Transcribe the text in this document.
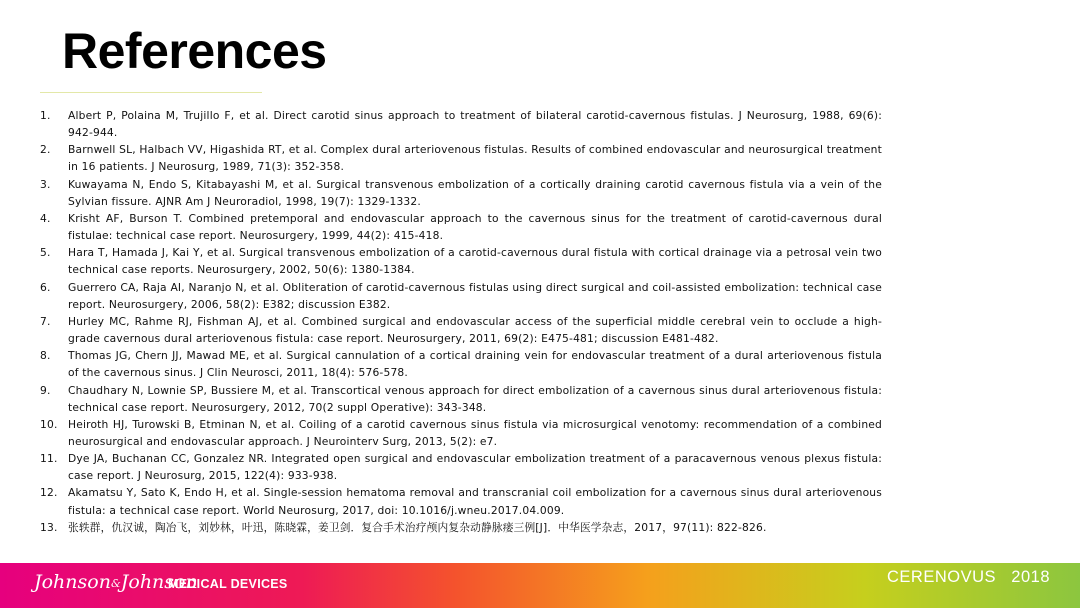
References
1. Albert P, Polaina M, Trujillo F, et al. Direct carotid sinus approach to treatment of bilateral carotid-cavernous fistulas. J Neurosurg, 1988, 69(6): 942-944.
2. Barnwell SL, Halbach VV, Higashida RT, et al. Complex dural arteriovenous fistulas. Results of combined endovascular and neurosurgical treatment in 16 patients. J Neurosurg, 1989, 71(3): 352-358.
3. Kuwayama N, Endo S, Kitabayashi M, et al. Surgical transvenous embolization of a cortically draining carotid cavernous fistula via a vein of the Sylvian fissure. AJNR Am J Neuroradiol, 1998, 19(7): 1329-1332.
4. Krisht AF, Burson T. Combined pretemporal and endovascular approach to the cavernous sinus for the treatment of carotid-cavernous dural fistulae: technical case report. Neurosurgery, 1999, 44(2): 415-418.
5. Hara T, Hamada J, Kai Y, et al. Surgical transvenous embolization of a carotid-cavernous dural fistula with cortical drainage via a petrosal vein two technical case reports. Neurosurgery, 2002, 50(6): 1380-1384.
6. Guerrero CA, Raja AI, Naranjo N, et al. Obliteration of carotid-cavernous fistulas using direct surgical and coil-assisted embolization: technical case report. Neurosurgery, 2006, 58(2): E382; discussion E382.
7. Hurley MC, Rahme RJ, Fishman AJ, et al. Combined surgical and endovascular access of the superficial middle cerebral vein to occlude a high-grade cavernous dural arteriovenous fistula: case report. Neurosurgery, 2011, 69(2): E475-481; discussion E481-482.
8. Thomas JG, Chern JJ, Mawad ME, et al. Surgical cannulation of a cortical draining vein for endovascular treatment of a dural arteriovenous fistula of the cavernous sinus. J Clin Neurosci, 2011, 18(4): 576-578.
9. Chaudhary N, Lownie SP, Bussiere M, et al. Transcortical venous approach for direct embolization of a cavernous sinus dural arteriovenous fistula: technical case report. Neurosurgery, 2012, 70(2 suppl Operative): 343-348.
10. Heiroth HJ, Turowski B, Etminan N, et al. Coiling of a carotid cavernous sinus fistula via microsurgical venotomy: recommendation of a combined neurosurgical and endovascular approach. J Neurointerv Surg, 2013, 5(2): e7.
11. Dye JA, Buchanan CC, Gonzalez NR. Integrated open surgical and endovascular embolization treatment of a paracavernous venous plexus fistula: case report. J Neurosurg, 2015, 122(4): 933-938.
12. Akamatsu Y, Sato K, Endo H, et al. Single-session hematoma removal and transcranial coil embolization for a cavernous sinus dural arteriovenous fistula: a technical case report. World Neurosurg, 2017, doi: 10.1016/j.wneu.2017.04.009.
13. 张轶群，仇汉诚，陶冶飞，刘妙林，叶迅，陈晓霖，姜卫剑．复合手术治疗颅内复杂动静脉瘘三例[J]．中华医学杂志，2017，97(11): 822-826.
Johnson&Johnson
MEDICAL DEVICES	CERENOVUS   2018
